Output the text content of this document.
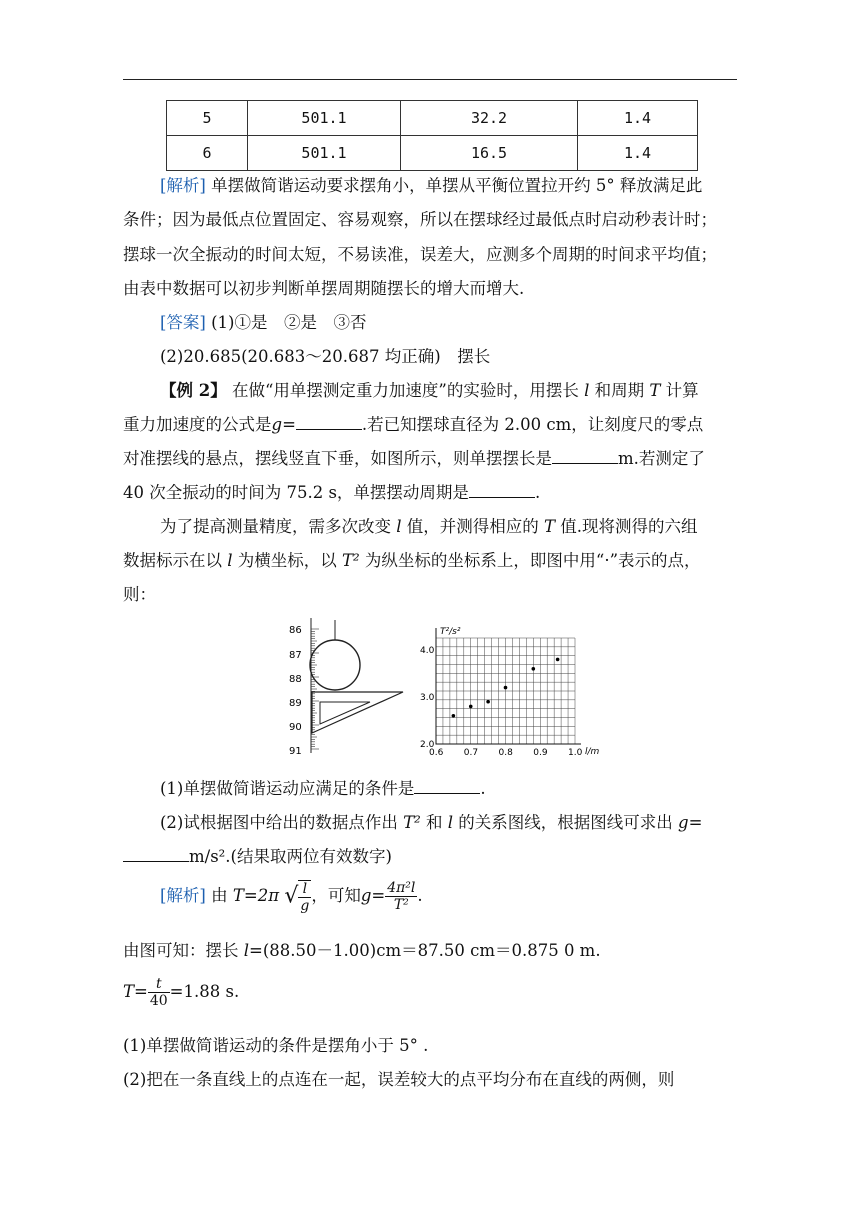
5	501.1	32.2	1.4
6	501.1	16.5	1.4
[解析] 单摆做简谐运动要求摆角小，单摆从平衡位置拉开约 5° 释放满足此
条件；因为最低点位置固定、容易观察，所以在摆球经过最低点时启动秒表计时；
摆球一次全振动的时间太短，不易读准，误差大，应测多个周期的时间求平均值；
由表中数据可以初步判断单摆周期随摆长的增大而增大.
[答案] (1)①是　②是　③否
(2)20.685(20.683～20.687 均正确)　摆长
【例 2】 在做“用单摆测定重力加速度”的实验时，用摆长 l 和周期 T 计算
重力加速度的公式是g=	.若已知摆球直径为 2.00 cm，让刻度尺的零点
对准摆线的悬点，摆线竖直下垂，如图所示，则单摆摆长是	m.若测定了
40 次全振动的时间为 75.2 s，单摆摆动周期是	.
为了提高测量精度，需多次改变 l 值，并测得相应的 T 值.现将测得的六组
数据标示在以 l 为横坐标，以 T² 为纵坐标的坐标系上，即图中用“·”表示的点，
则：
86
87
88
89
90
91
T²/s²
l/m
0.6 0.7 0.8 0.9 1.0
2.0
3.0
4.0
(1)单摆做简谐运动应满足的条件是	.
(2)试根据图中给出的数据点作出 T² 和 l 的关系图线，根据图线可求出 g=
m/s².(结果取两位有效数字)
[解析] 由 T=2π √ $\frac{l}{g}$ ，可知$g= \frac{\text{4π²l}}{\text{T²}}$ .
由图可知：摆长 l=(88.50－1.00)cm＝87.50 cm＝0.875 0 m.
$T= \frac{t}{40} =1.88$ s.
(1)单摆做简谐运动的条件是摆角小于 5° .
(2)把在一条直线上的点连在一起，误差较大的点平均分布在直线的两侧，则
